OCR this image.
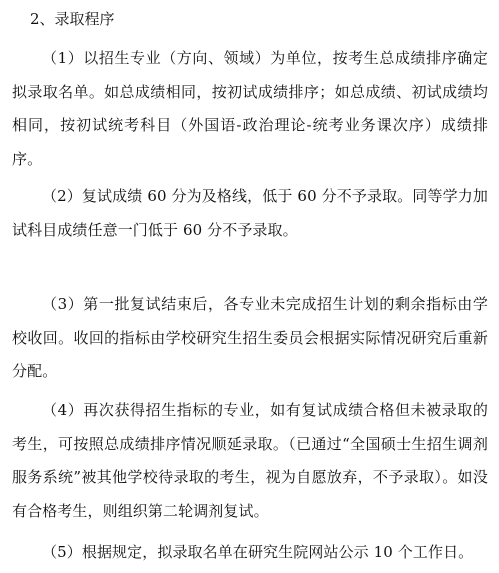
2、录取程序

（1）以招生专业（方向、领域）为单位，按考生总成绩排序确定拟录取名单。如总成绩相同，按初试成绩排序；如总成绩、初试成绩均相同，按初试统考科目（外国语-政治理论-统考业务课次序）成绩排序。

（2）复试成绩 60 分为及格线，低于 60 分不予录取。同等学力加试科目成绩任意一门低于 60 分不予录取。

（3）第一批复试结束后，各专业未完成招生计划的剩余指标由学校收回。收回的指标由学校研究生招生委员会根据实际情况研究后重新分配。

（4）再次获得招生指标的专业，如有复试成绩合格但未被录取的考生，可按照总成绩排序情况顺延录取。（已通过“全国硕士生招生调剂服务系统”被其他学校待录取的考生，视为自愿放弃，不予录取）。如没有合格考生，则组织第二轮调剂复试。

（5）根据规定，拟录取名单在研究生院网站公示 10 个工作日。
